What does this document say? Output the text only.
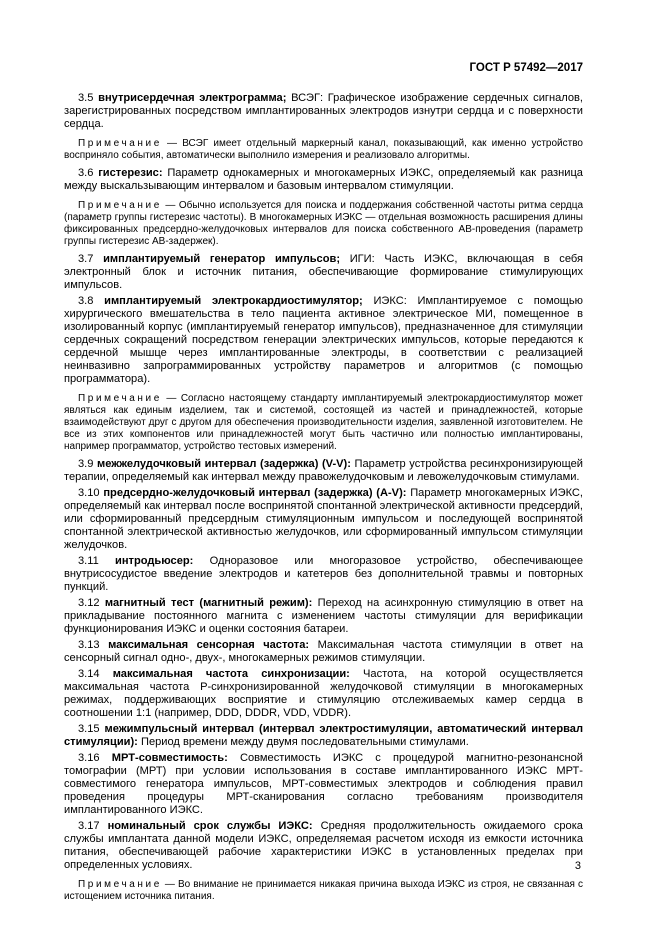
ГОСТ Р 57492—2017

3.5 внутрисердечная электрограмма; ВСЭГ: Графическое изображение сердечных сигналов, зарегистрированных посредством имплантированных электродов изнутри сердца и с поверхности сердца.

Примечание — ВСЭГ имеет отдельный маркерный канал, показывающий, как именно устройство восприняло события, автоматически выполнило измерения и реализовало алгоритмы.

3.6 гистерезис: Параметр однокамерных и многокамерных ИЭКС, определяемый как разница между выскальзывающим интервалом и базовым интервалом стимуляции.

Примечание — Обычно используется для поиска и поддержания собственной частоты ритма сердца (параметр группы гистерезис частоты). В многокамерных ИЭКС — отдельная возможность расширения длины фиксированных предсердно-желудочковых интервалов для поиска собственного АВ-проведения (параметр группы гистерезис АВ-задержек).

3.7 имплантируемый генератор импульсов; ИГИ: Часть ИЭКС, включающая в себя электронный блок и источник питания, обеспечивающие формирование стимулирующих импульсов.

3.8 имплантируемый электрокардиостимулятор; ИЭКС: Имплантируемое с помощью хирургического вмешательства в тело пациента активное электрическое МИ, помещенное в изолированный корпус (имплантируемый генератор импульсов), предназначенное для стимуляции сердечных сокращений посредством генерации электрических импульсов, которые передаются к сердечной мышце через имплантированные электроды, в соответствии с реализацией неинвазивно запрограммированных устройству параметров и алгоритмов (с помощью программатора).

Примечание — Согласно настоящему стандарту имплантируемый электрокардиостимулятор может являться как единым изделием, так и системой, состоящей из частей и принадлежностей, которые взаимодействуют друг с другом для обеспечения производительности изделия, заявленной изготовителем. Не все из этих компонентов или принадлежностей могут быть частично или полностью имплантированы, например программатор, устройство тестовых измерений.

3.9 межжелудочковый интервал (задержка) (V-V): Параметр устройства ресинхронизирующей терапии, определяемый как интервал между правожелудочковым и левожелудочковым стимулами.

3.10 предсердно-желудочковый интервал (задержка) (A-V): Параметр многокамерных ИЭКС, определяемый как интервал после воспринятой спонтанной электрической активности предсердий, или сформированный предсердным стимуляционным импульсом и последующей воспринятой спонтанной электрической активностью желудочков, или сформированный импульсом стимуляции желудочков.

3.11 интродьюсер: Одноразовое или многоразовое устройство, обеспечивающее внутрисосудистое введение электродов и катетеров без дополнительной травмы и повторных пункций.

3.12 магнитный тест (магнитный режим): Переход на асинхронную стимуляцию в ответ на прикладывание постоянного магнита с изменением частоты стимуляции для верификации функционирования ИЭКС и оценки состояния батареи.

3.13 максимальная сенсорная частота: Максимальная частота стимуляции в ответ на сенсорный сигнал одно-, двух-, многокамерных режимов стимуляции.

3.14 максимальная частота синхронизации: Частота, на которой осуществляется максимальная частота Р-синхронизированной желудочковой стимуляции в многокамерных режимах, поддерживающих восприятие и стимуляцию отслеживаемых камер сердца в соотношении 1:1 (например, DDD, DDDR, VDD, VDDR).

3.15 межимпульсный интервал (интервал электростимуляции, автоматический интервал стимуляции): Период времени между двумя последовательными стимулами.

3.16 МРТ-совместимость: Совместимость ИЭКС с процедурой магнитно-резонансной томографии (МРТ) при условии использования в составе имплантированного ИЭКС МРТ-совместимого генератора импульсов, МРТ-совместимых электродов и соблюдения правил проведения процедуры МРТ-сканирования согласно требованиям производителя имплантированного ИЭКС.

3.17 номинальный срок службы ИЭКС: Средняя продолжительность ожидаемого срока службы имплантата данной модели ИЭКС, определяемая расчетом исходя из емкости источника питания, обеспечивающей рабочие характеристики ИЭКС в установленных пределах при определенных условиях.

Примечание — Во внимание не принимается никакая причина выхода ИЭКС из строя, не связанная с истощением источника питания.

3
